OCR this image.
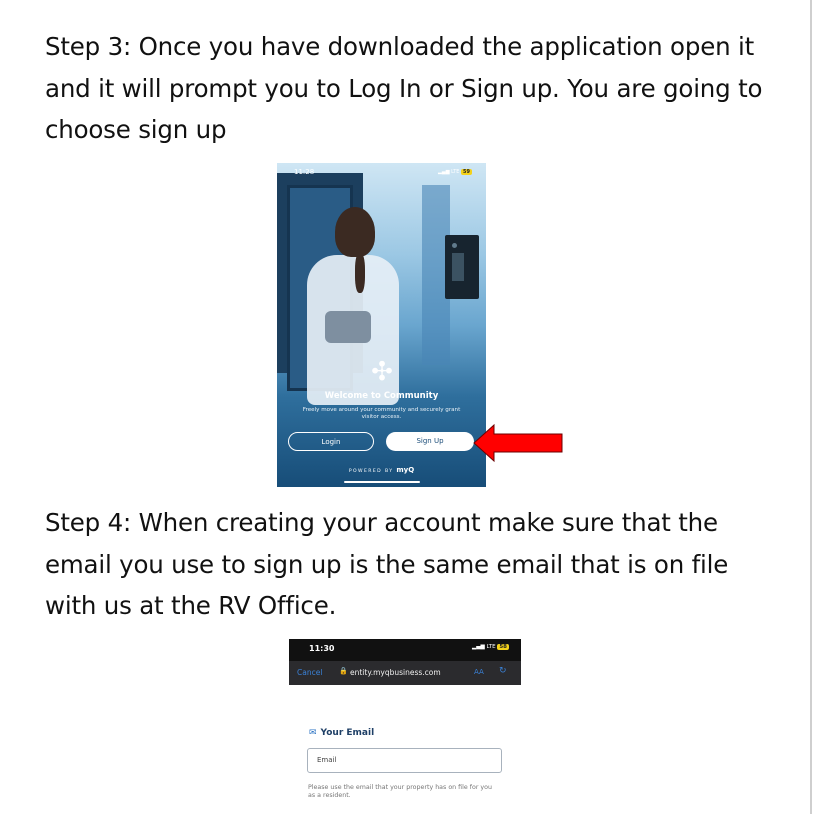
Step 3: Once you have downloaded the application open it and it will prompt you to Log In or Sign up. You are going to choose sign up

11:28	▂▄▆ LTE 59
✣
Welcome to Community
Freely move around your community and securely grant visitor access.
Login	Sign Up
POWERED BY myQ

Step 4: When creating your account make sure that the email you use to sign up is the same email that is on file with us at the RV Office.

11:30	▂▄▆ LTE 58
Cancel 🔒 entity.myqbusiness.com	AA ↻
✉ Your Email
Email
Please use the email that your property has on file for you as a resident.
